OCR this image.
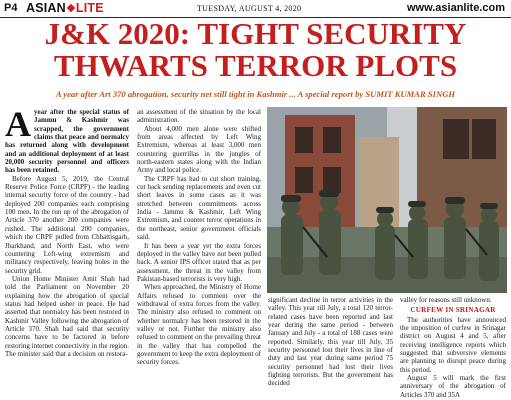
P4 ASIAN LITE	TUESDAY, AUGUST 4, 2020	www.asianlite.com
J&K 2020: TIGHT SECURITY
THWARTS TERROR PLOTS
A year after Art 370 abrogation, security net still tight in Kashmir ... A special report by SUMIT KUMAR SINGH

Ayear after the special status of Jammu & Kashmir was scrapped, the government claims that peace and normalcy has returned along with development and an additional deployment of at least 20,000 security personnel and officers has been retained.

Before August 5, 2019, the Central Reserve Police Force (CRPF) - the leading internal security force of the country - had deployed 200 companies each comprising 100 men. In the run up of the abrogation of Article 370 another 200 companies were rushed. The additional 200 companies, which the CRPF pulled from Chhattisgarh, Jharkhand, and North East, who were countering Left-wing extremism and militancy respectively, leaving holes in the security grid.

Union Home Minister Amit Shah had told the Parliament on November 20 explaining how the abrogation of special status had helped usher in peace. He had asserted that normalcy has been restored in Kashmir Valley following the abrogation of Article 370. Shah had said that security concerns have to be factored in before restoring internet connectivity in the region. The minister said that a decision on restora-

an assessment of the situation by the local administration.

About 4,000 men alone were shifted from areas affected by Left Wing Extremism, whereas at least 3,000 men countering guerrillas in the jungles of north-eastern states along with the Indian Army and local police.

The CRPF has had to cut short training, cut back sending replacements and even cut short leaves in some cases as it was stretched between commitments across India - Jammu & Kashmir, Left Wing Extremism, and counter terror operations in the northeast, senior government officials said.

It has been a year yet the extra forces deployed in the valley have not been pulled back. A senior IPS officer stated that as per assessment, the threat in the valley from Pakistan-based terrorists is very high.

When approached, the Ministry of Home Affairs refused to comment over the withdrawal of extra forces from the valley. The ministry also refused to comment on whether normalcy has been restored in the valley or not. Further the ministry also refused to comment on the prevailing threat in the valley that has compelled the government to keep the extra deployment of security forces.

significant decline in terror activities in the valley. This year till July, a total 120 terror-related cases have been reported and last year during the same period - between January and July - a total of 188 cases were reported. Similarly, this year till July, 35 security personnel lost their lives in line of duty and last year during same period 75 security personnel had lost their lives fighting terrorists. But the government has decided

valley for reasons still unknown.

CURFEW IN SRINAGAR

The authorities have announced the imposition of curfew in Srinagar district on August 4 and 5, after receiving intelligence reports which suggested that subversive elements are planning to disrupt peace during this period.

August 5 will mark the first anniversary of the abrogation of Articles 370 and 35A
